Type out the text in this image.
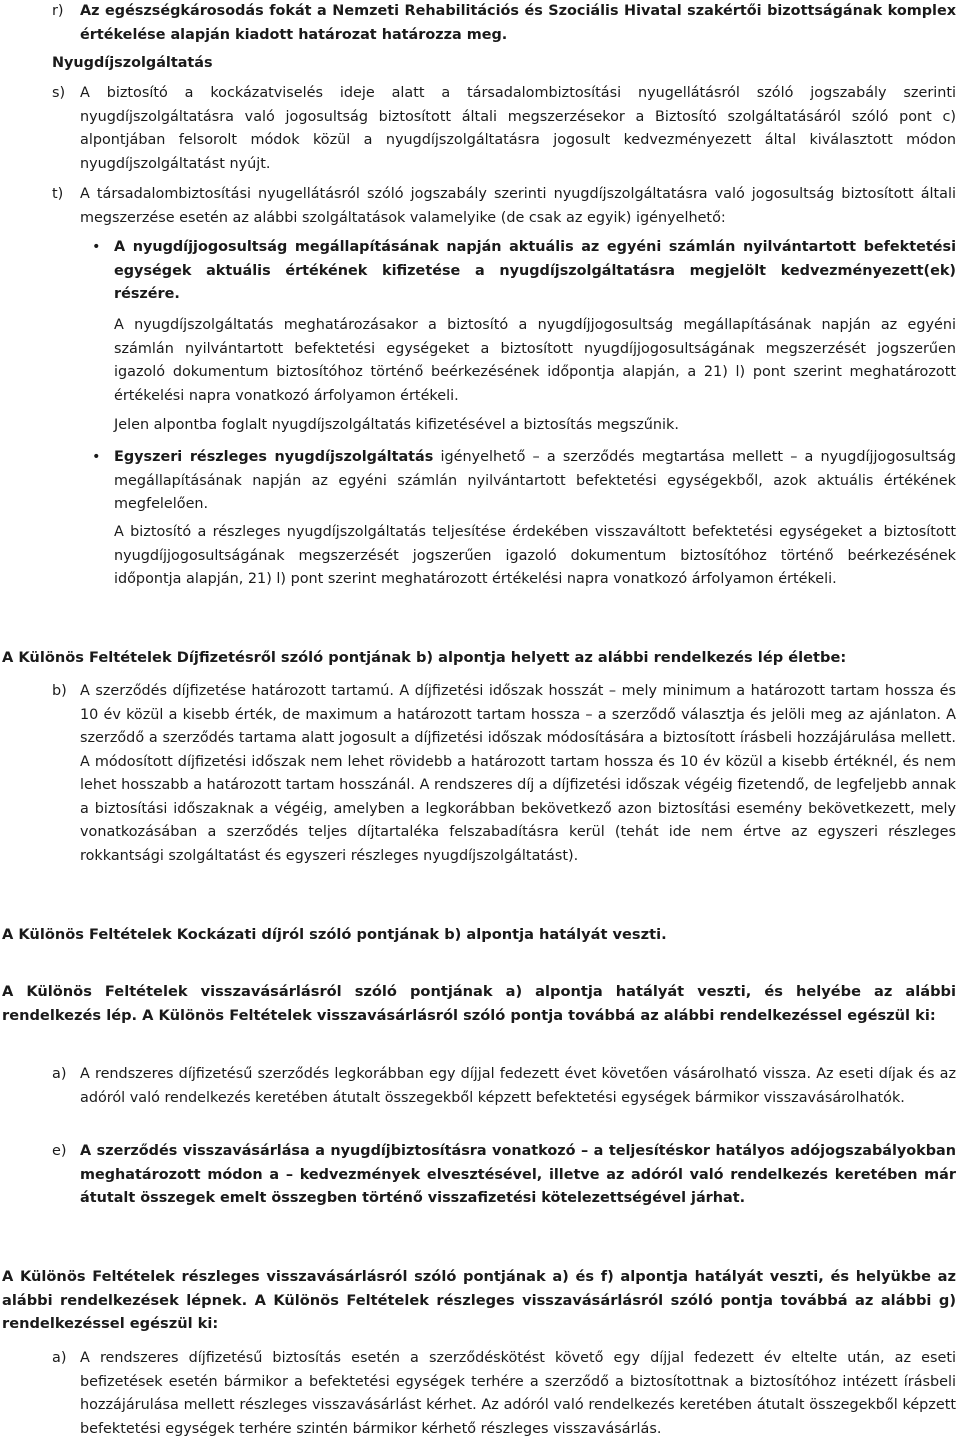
r) Az egészségkárosodás fokát a Nemzeti Rehabilitációs és Szociális Hivatal szakértői bizottságának komplex értékelése alapján kiadott határozat határozza meg.
Nyugdíjszolgáltatás
s) A biztosító a kockázatviselés ideje alatt a társadalombiztosítási nyugellátásról szóló jogszabály szerinti nyugdíjszolgáltatásra való jogosultság biztosított általi megszerzésekor a Biztosító szolgáltatásáról szóló pont c) alpontjában felsorolt módok közül a nyugdíjszolgáltatásra jogosult kedvezményezett által kiválasztott módon nyugdíjszolgáltatást nyújt.
t) A társadalombiztosítási nyugellátásról szóló jogszabály szerinti nyugdíjszolgáltatásra való jogosultság biztosított általi megszerzése esetén az alábbi szolgáltatások valamelyike (de csak az egyik) igényelhető:
• A nyugdíjjogosultság megállapításának napján aktuális az egyéni számlán nyilvántartott befektetési egységek aktuális értékének kifizetése a nyugdíjszolgáltatásra megjelölt kedvezményezett(ek) részére.
A nyugdíjszolgáltatás meghatározásakor a biztosító a nyugdíjjogosultság megállapításának napján az egyéni számlán nyilvántartott befektetési egységeket a biztosított nyugdíjjogosultságának megszerzését jogszerűen igazoló dokumentum biztosítóhoz történő beérkezésének időpontja alapján, a 21) l) pont szerint meghatározott értékelési napra vonatkozó árfolyamon értékeli.
Jelen alpontba foglalt nyugdíjszolgáltatás kifizetésével a biztosítás megszűnik.
• Egyszeri részleges nyugdíjszolgáltatás igényelhető – a szerződés megtartása mellett – a nyugdíjjogosultság megállapításának napján az egyéni számlán nyilvántartott befektetési egységekből, azok aktuális értékének megfelelően.
A biztosító a részleges nyugdíjszolgáltatás teljesítése érdekében visszaváltott befektetési egységeket a biztosított nyugdíjjogosultságának megszerzését jogszerűen igazoló dokumentum biztosítóhoz történő beérkezésének időpontja alapján, 21) l) pont szerint meghatározott értékelési napra vonatkozó árfolyamon értékeli.
A Különös Feltételek Díjfizetésről szóló pontjának b) alpontja helyett az alábbi rendelkezés lép életbe:
b) A szerződés díjfizetése határozott tartamú. A díjfizetési időszak hosszát – mely minimum a határozott tartam hossza és 10 év közül a kisebb érték, de maximum a határozott tartam hossza – a szerződő választja és jelöli meg az ajánlaton. A szerződő a szerződés tartama alatt jogosult a díjfizetési időszak módosítására a biztosított írásbeli hozzájárulása mellett. A módosított díjfizetési időszak nem lehet rövidebb a határozott tartam hossza és 10 év közül a kisebb értéknél, és nem lehet hosszabb a határozott tartam hosszánál. A rendszeres díj a díjfizetési időszak végéig fizetendő, de legfeljebb annak a biztosítási időszaknak a végéig, amelyben a legkorábban bekövetkező azon biztosítási esemény bekövetkezett, mely vonatkozásában a szerződés teljes díjtartaléka felszabadításra kerül (tehát ide nem értve az egyszeri részleges rokkantsági szolgáltatást és egyszeri részleges nyugdíjszolgáltatást).
A Különös Feltételek Kockázati díjról szóló pontjának b) alpontja hatályát veszti.
A Különös Feltételek visszavásárlásról szóló pontjának a) alpontja hatályát veszti, és helyébe az alábbi rendelkezés lép. A Különös Feltételek visszavásárlásról szóló pontja továbbá az alábbi rendelkezéssel egészül ki:
a) A rendszeres díjfizetésű szerződés legkorábban egy díjjal fedezett évet követően vásárolható vissza. Az eseti díjak és az adóról való rendelkezés keretében átutalt összegekből képzett befektetési egységek bármikor visszavásárolhatók.
e) A szerződés visszavásárlása a nyugdíjbiztosításra vonatkozó – a teljesítéskor hatályos adójogszabályokban meghatározott módon a – kedvezmények elvesztésével, illetve az adóról való rendelkezés keretében már átutalt összegek emelt összegben történő visszafizetési kötelezettségével járhat.
A Különös Feltételek részleges visszavásárlásról szóló pontjának a) és f) alpontja hatályát veszti, és helyükbe az alábbi rendelkezések lépnek. A Különös Feltételek részleges visszavásárlásról szóló pontja továbbá az alábbi g) rendelkezéssel egészül ki:
a) A rendszeres díjfizetésű biztosítás esetén a szerződéskötést követő egy díjjal fedezett év eltelte után, az eseti befizetések esetén bármikor a befektetési egységek terhére a szerződő a biztosítottnak a biztosítóhoz intézett írásbeli hozzájárulása mellett részleges visszavásárlást kérhet. Az adóról való rendelkezés keretében átutalt összegekből képzett befektetési egységek terhére szintén bármikor kérhető részleges visszavásárlás.
